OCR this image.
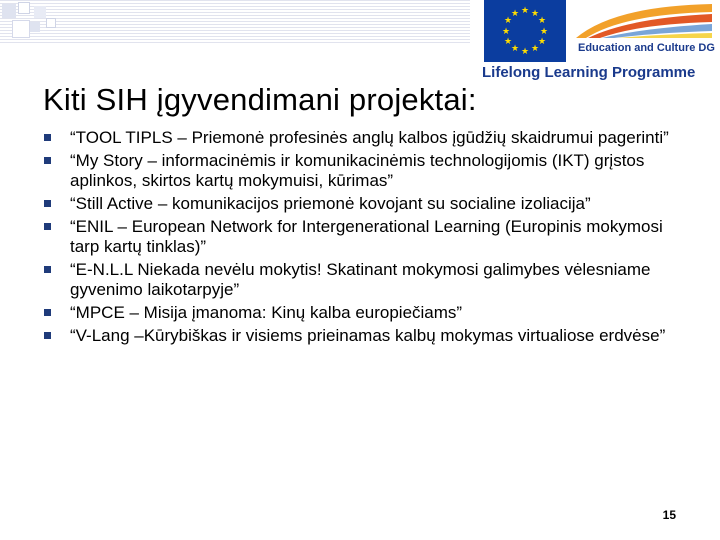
★ ★
★
★
★
★
★
★
★
★
★
★
Education and Culture DG
Lifelong Learning Programme
Kiti SIH įgyvendimani projektai:
“TOOL TIPLS – Priemonė profesinės anglų kalbos įgūdžių skaidrumui pagerinti”
“My Story – informacinėmis ir komunikacinėmis technologijomis (IKT) grįstos aplinkos, skirtos kartų mokymuisi, kūrimas”
“Still Active – komunikacijos priemonė kovojant su socialine izoliacija”
“ENIL – European Network for Intergenerational Learning (Europinis mokymosi tarp kartų tinklas)”
“E-N.L.L Niekada nevėlu mokytis! Skatinant mokymosi galimybes vėlesniame gyvenimo laikotarpyje”
“MPCE – Misija įmanoma: Kinų kalba europiečiams”
“V-Lang –Kūrybiškas ir visiems prieinamas kalbų mokymas virtualiose erdvėse”
15
